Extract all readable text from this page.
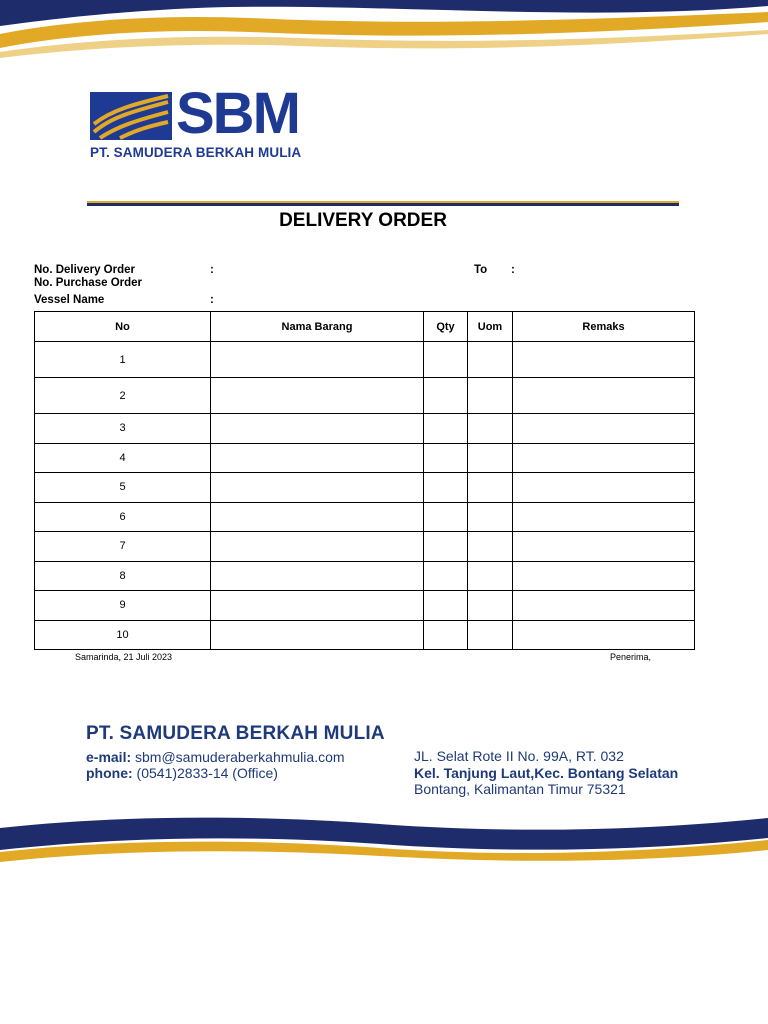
SBM
PT. SAMUDERA BERKAH MULIA
DELIVERY ORDER
No. Delivery Order	:
No. Purchase Order
Vessel Name	:
To :
No	Nama Barang	Qty	Uom	Remaks
1				
2				
3				
4				
5				
6				
7				
8				
9				
10				
Samarinda, 21 Juli 2023	Penerima,
PT. SAMUDERA BERKAH MULIA
e-mail: sbm@samuderaberkahmulia.com
phone: (0541)2833-14 (Office)
JL. Selat Rote II No. 99A, RT. 032
Kel. Tanjung Laut,Kec. Bontang Selatan
Bontang, Kalimantan Timur 75321
